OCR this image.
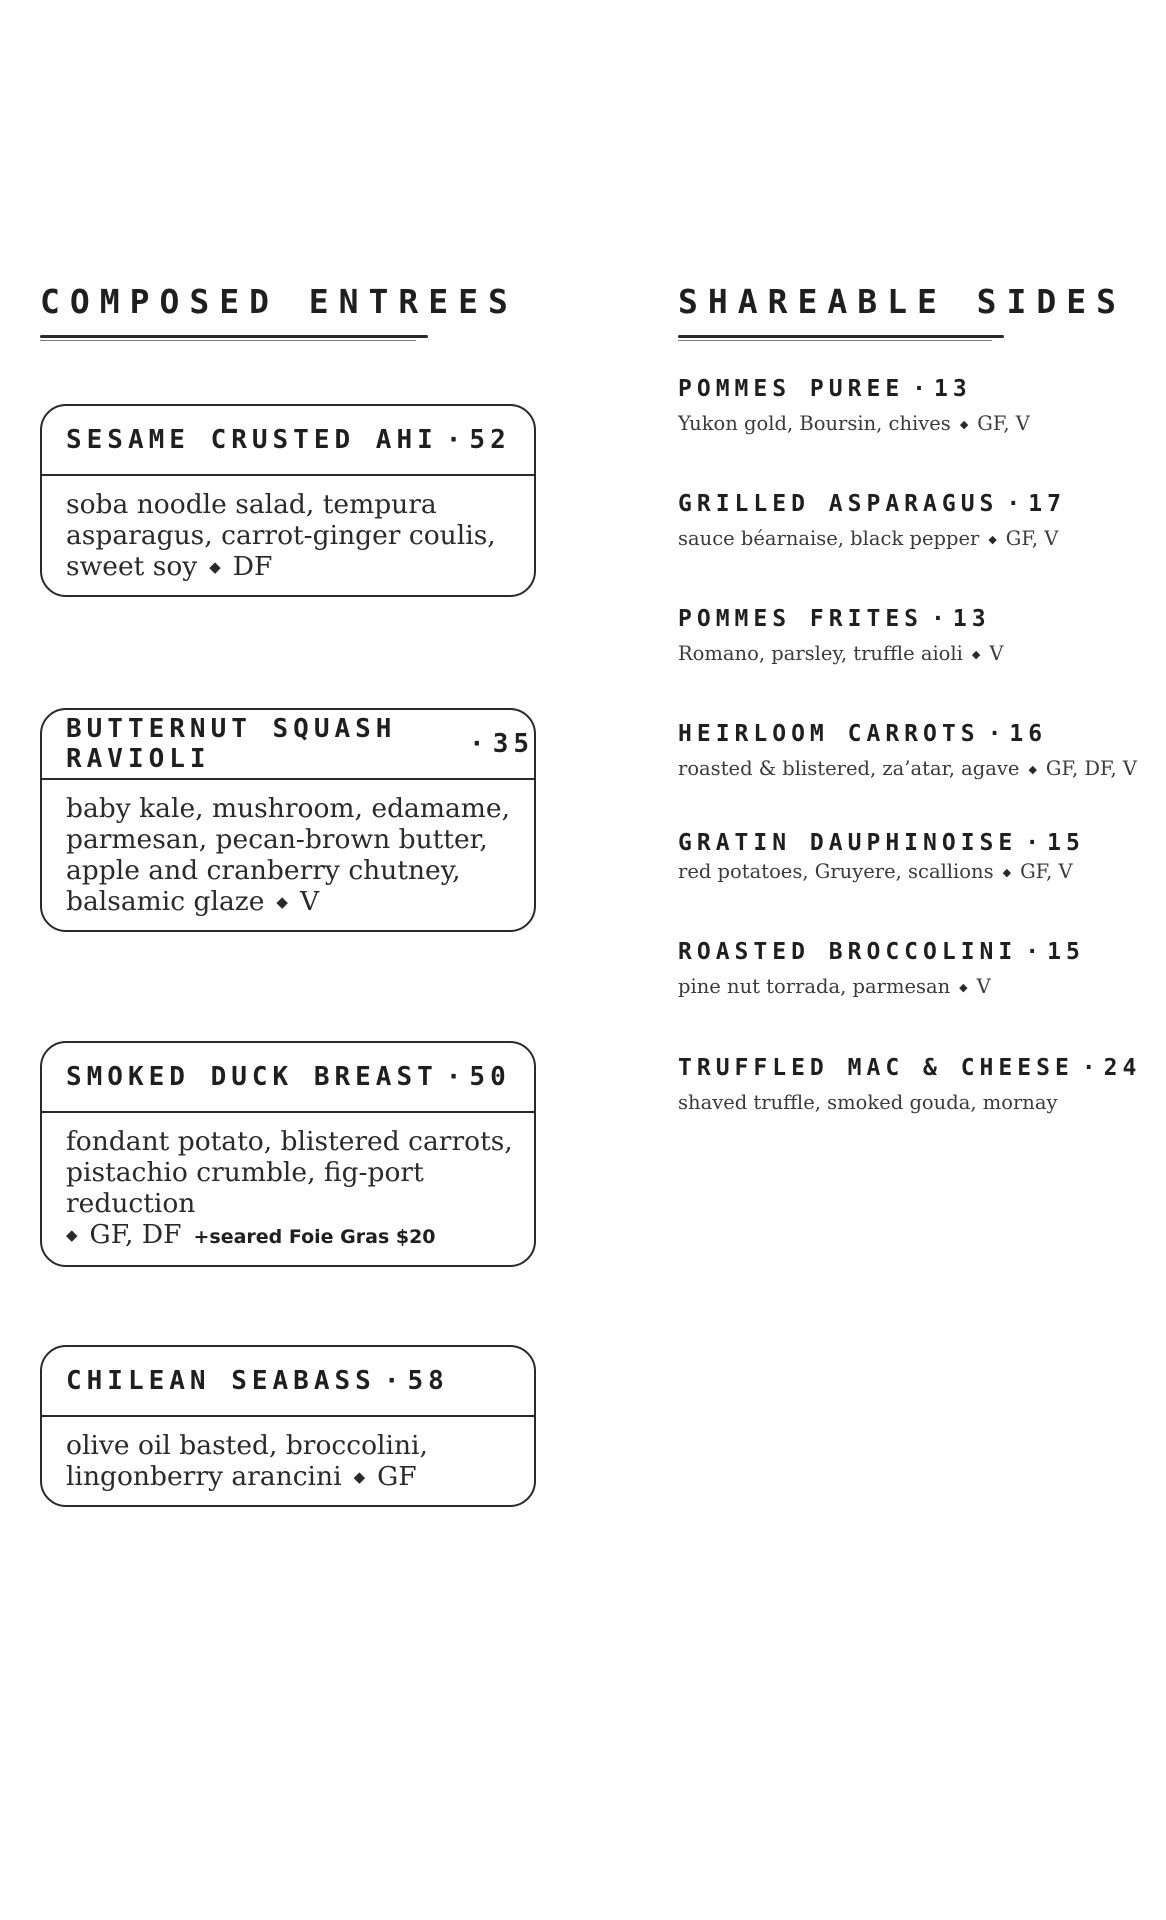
COMPOSED ENTREES	SHAREABLE SIDES
SESAME CRUSTED AHI · 52
soba noodle salad, tempura asparagus, carrot-ginger coulis, sweet soy ◆ DF
BUTTERNUT SQUASH RAVIOLI	· 35
baby kale, mushroom, edamame, parmesan, pecan-brown butter, apple and cranberry chutney, balsamic glaze ◆ V
SMOKED DUCK BREAST · 50
fondant potato, blistered carrots, pistachio crumble, fig-port reduction
◆ GF, DF +seared Foie Gras $20
CHILEAN SEABASS · 58
olive oil basted, broccolini, lingonberry arancini ◆ GF
POMMES PUREE · 13
Yukon gold, Boursin, chives ◆ GF, V
GRILLED ASPARAGUS · 17
sauce béarnaise, black pepper ◆ GF, V
POMMES FRITES · 13
Romano, parsley, truffle aioli ◆ V
HEIRLOOM CARROTS · 16
roasted & blistered, za’atar, agave ◆ GF, DF, V
GRATIN DAUPHINOISE · 15
red potatoes, Gruyere, scallions ◆ GF, V
ROASTED BROCCOLINI · 15
pine nut torrada, parmesan ◆ V
TRUFFLED MAC & CHEESE · 24
shaved truffle, smoked gouda, mornay
